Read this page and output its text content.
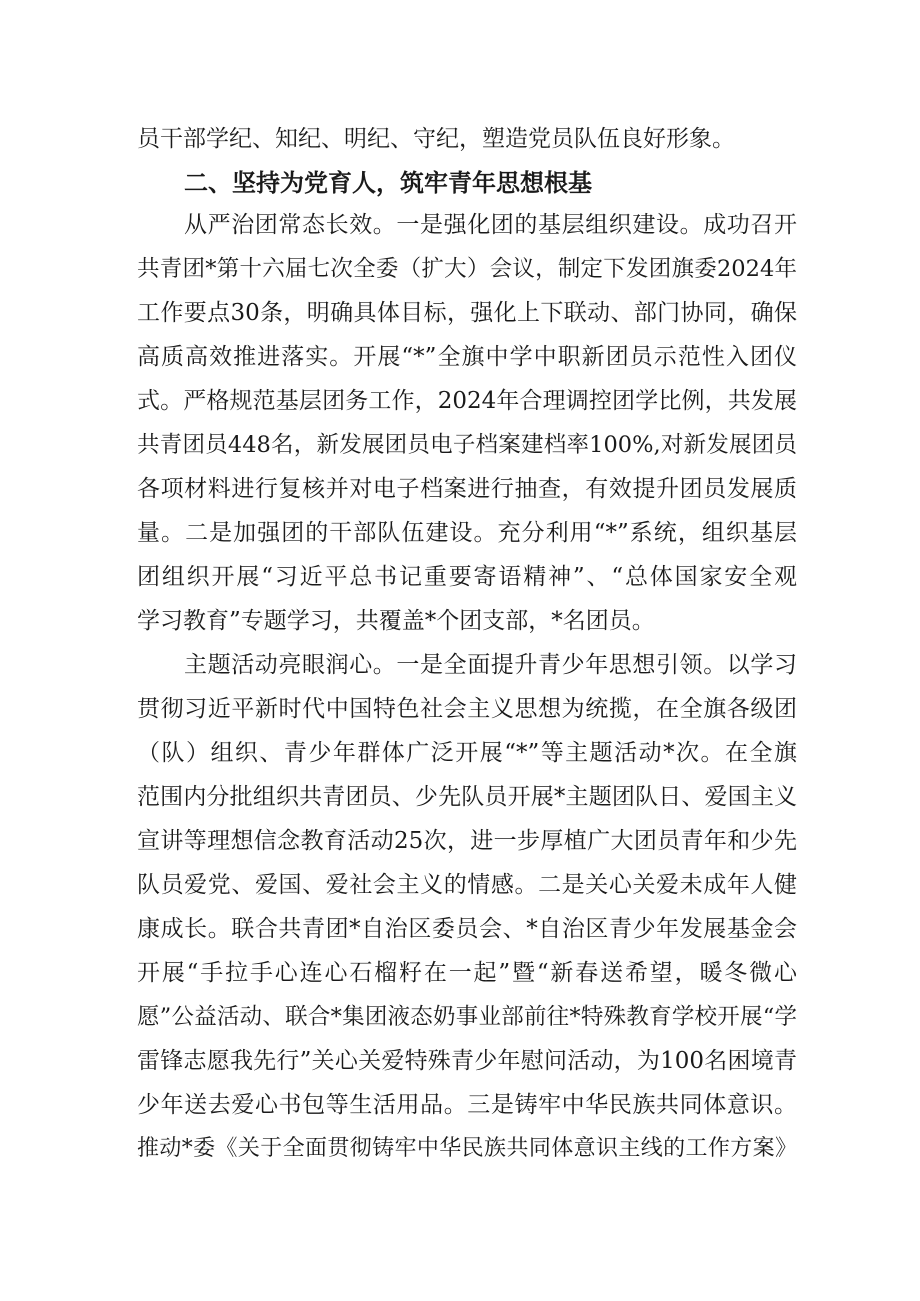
员干部学纪、知纪、明纪、守纪，塑造党员队伍良好形象。
二、坚持为党育人，筑牢青年思想根基
从严治团常态长效。一是强化团的基层组织建设。成功召开
共青团*第十六届七次全委（扩大）会议，制定下发团旗委2024年
工作要点30条，明确具体目标，强化上下联动、部门协同，确保
高质高效推进落实。开展“*”全旗中学中职新团员示范性入团仪
式。严格规范基层团务工作，2024年合理调控团学比例，共发展
共青团员448名，新发展团员电子档案建档率100%,对新发展团员
各项材料进行复核并对电子档案进行抽查，有效提升团员发展质
量。二是加强团的干部队伍建设。充分利用“*”系统，组织基层
团组织开展“习近平总书记重要寄语精神”、“总体国家安全观
学习教育”专题学习，共覆盖*个团支部，*名团员。
主题活动亮眼润心。一是全面提升青少年思想引领。以学习
贯彻习近平新时代中国特色社会主义思想为统揽，在全旗各级团
（队）组织、青少年群体广泛开展“*”等主题活动*次。在全旗
范围内分批组织共青团员、少先队员开展*主题团队日、爱国主义
宣讲等理想信念教育活动25次，进一步厚植广大团员青年和少先
队员爱党、爱国、爱社会主义的情感。二是关心关爱未成年人健
康成长。联合共青团*自治区委员会、*自治区青少年发展基金会
开展“手拉手心连心石榴籽在一起”暨“新春送希望，暖冬微心
愿”公益活动、联合*集团液态奶事业部前往*特殊教育学校开展“学
雷锋志愿我先行”关心关爱特殊青少年慰问活动，为100名困境青
少年送去爱心书包等生活用品。三是铸牢中华民族共同体意识。
推动*委《关于全面贯彻铸牢中华民族共同体意识主线的工作方案》
